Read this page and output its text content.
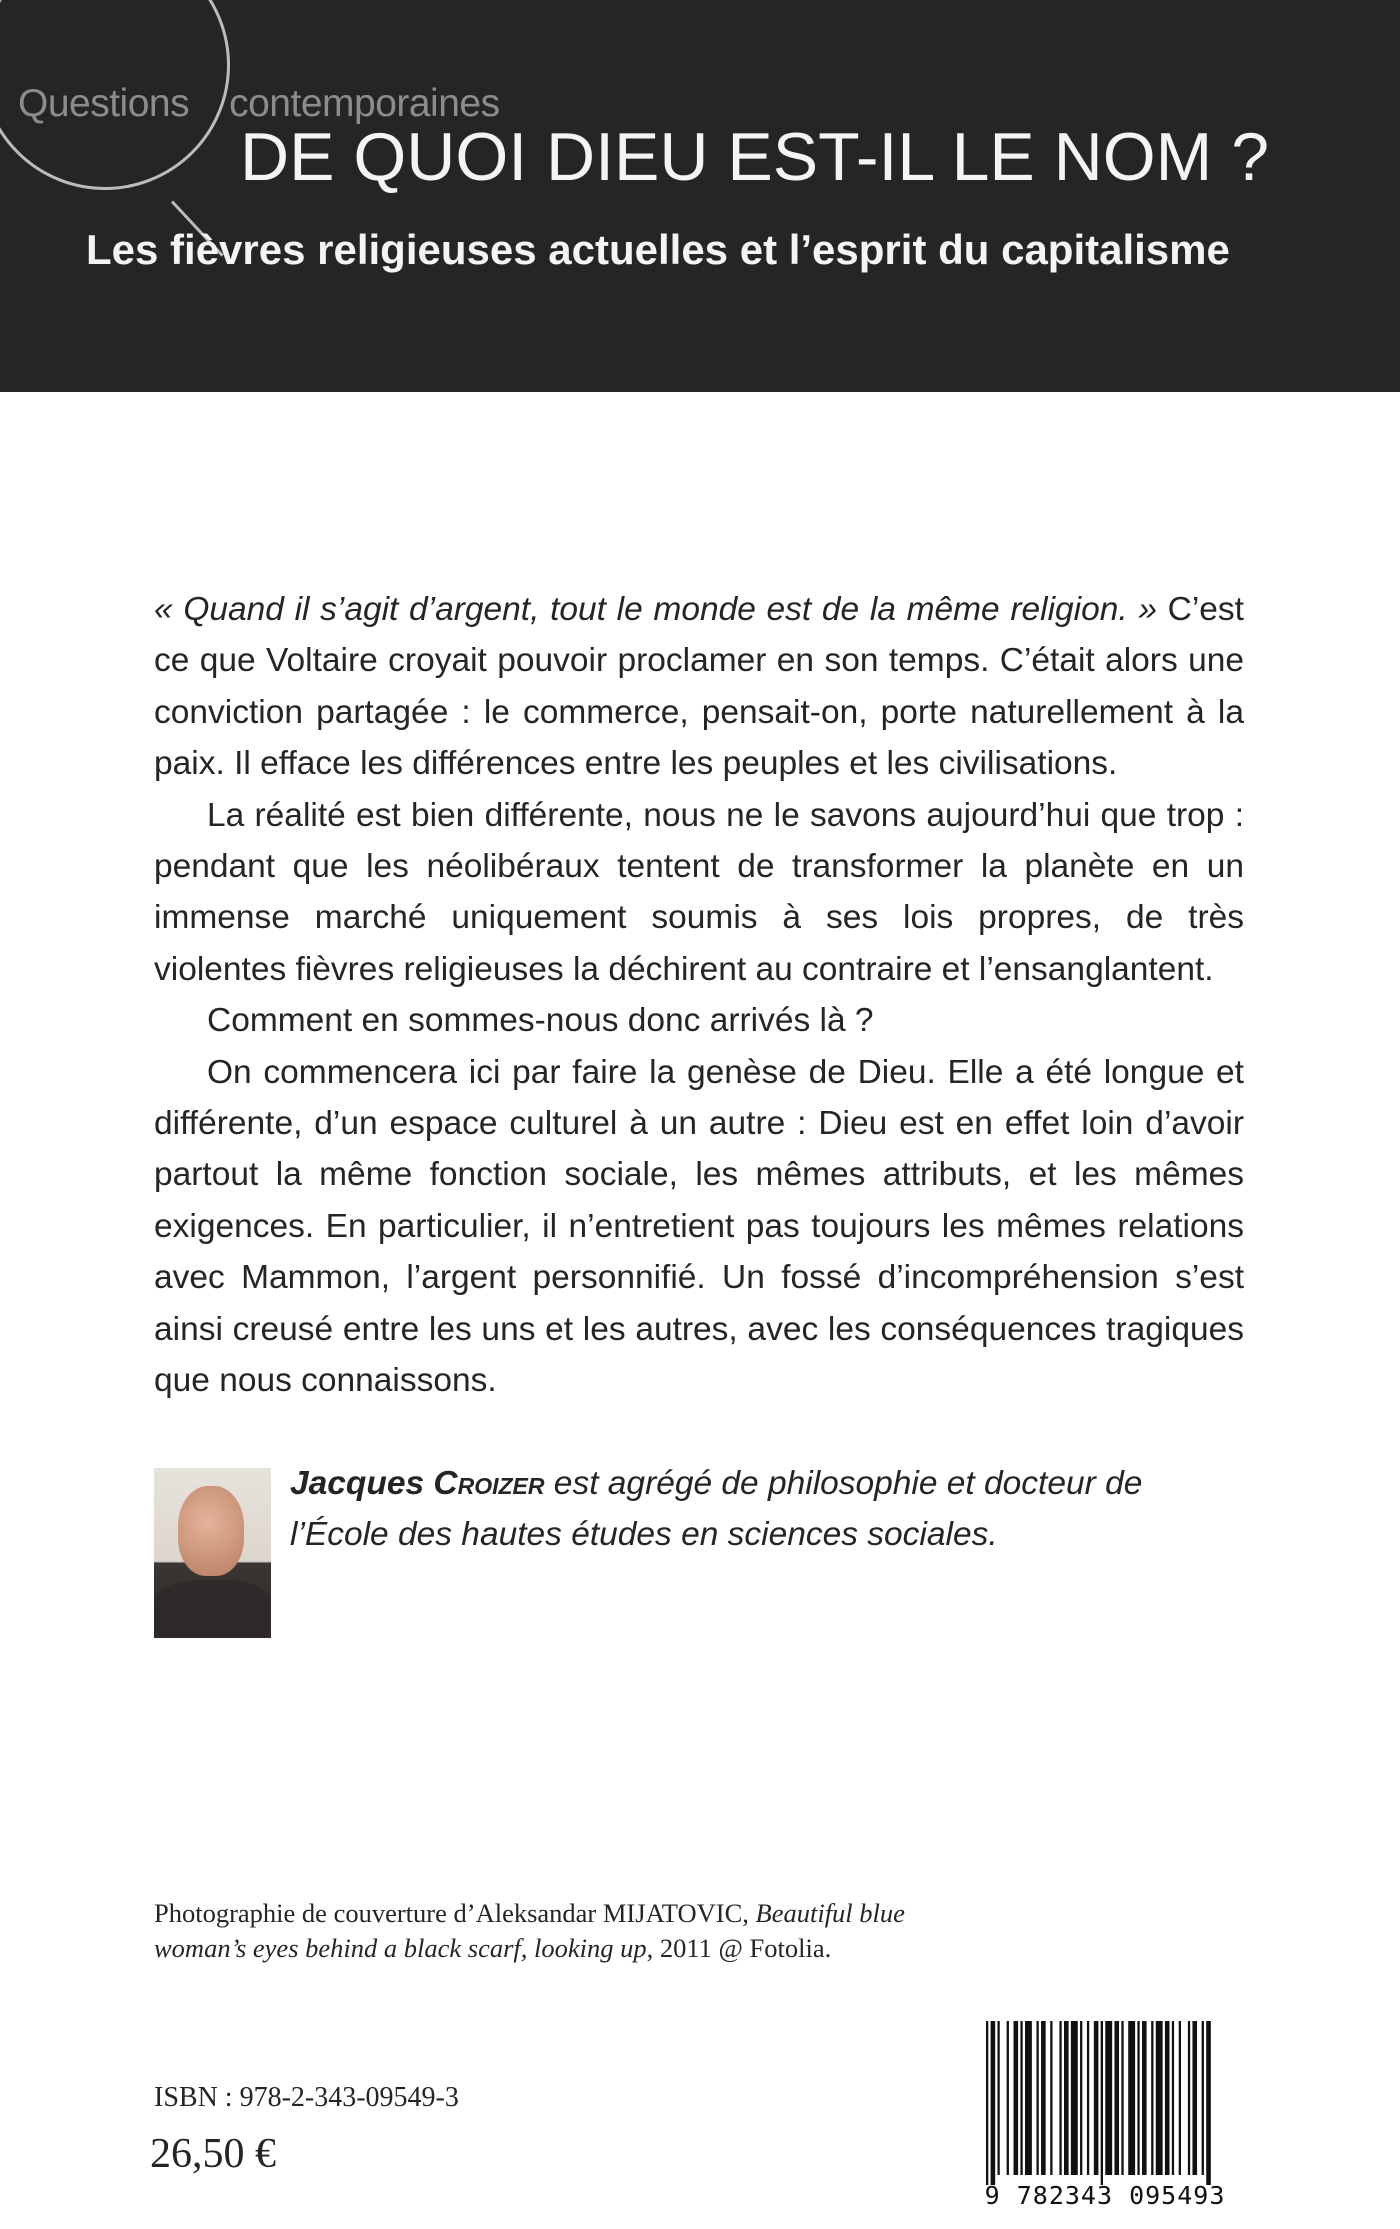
Questions contemporaines
DE QUOI DIEU EST-IL LE NOM ?
Les fièvres religieuses actuelles et l’esprit du capitalisme

« Quand il s’agit d’argent, tout le monde est de la même religion. » C’est ce que Voltaire croyait pouvoir proclamer en son temps. C’était alors une conviction partagée : le commerce, pensait-on, porte naturellement à la paix. Il efface les différences entre les peuples et les civilisations.

La réalité est bien différente, nous ne le savons aujourd’hui que trop : pendant que les néolibéraux tentent de transformer la planète en un immense marché uniquement soumis à ses lois propres, de très violentes fièvres religieuses la déchirent au contraire et l’ensanglantent.

Comment en sommes-nous donc arrivés là ?

On commencera ici par faire la genèse de Dieu. Elle a été longue et différente, d’un espace culturel à un autre : Dieu est en effet loin d’avoir partout la même fonction sociale, les mêmes attributs, et les mêmes exigences. En particulier, il n’entretient pas toujours les mêmes relations avec Mammon, l’argent personnifié. Un fossé d’incompréhension s’est ainsi creusé entre les uns et les autres, avec les conséquences tragiques que nous connaissons.

Jacques Croizer est agrégé de philosophie et docteur de l’École des hautes études en sciences sociales.
Photographie de couverture d’Aleksandar MIJATOVIC, Beautiful blue woman’s eyes behind a black scarf, looking up, 2011 @ Fotolia.
ISBN : 978-2-343-09549-3
26,50 €
9 782343 095493
